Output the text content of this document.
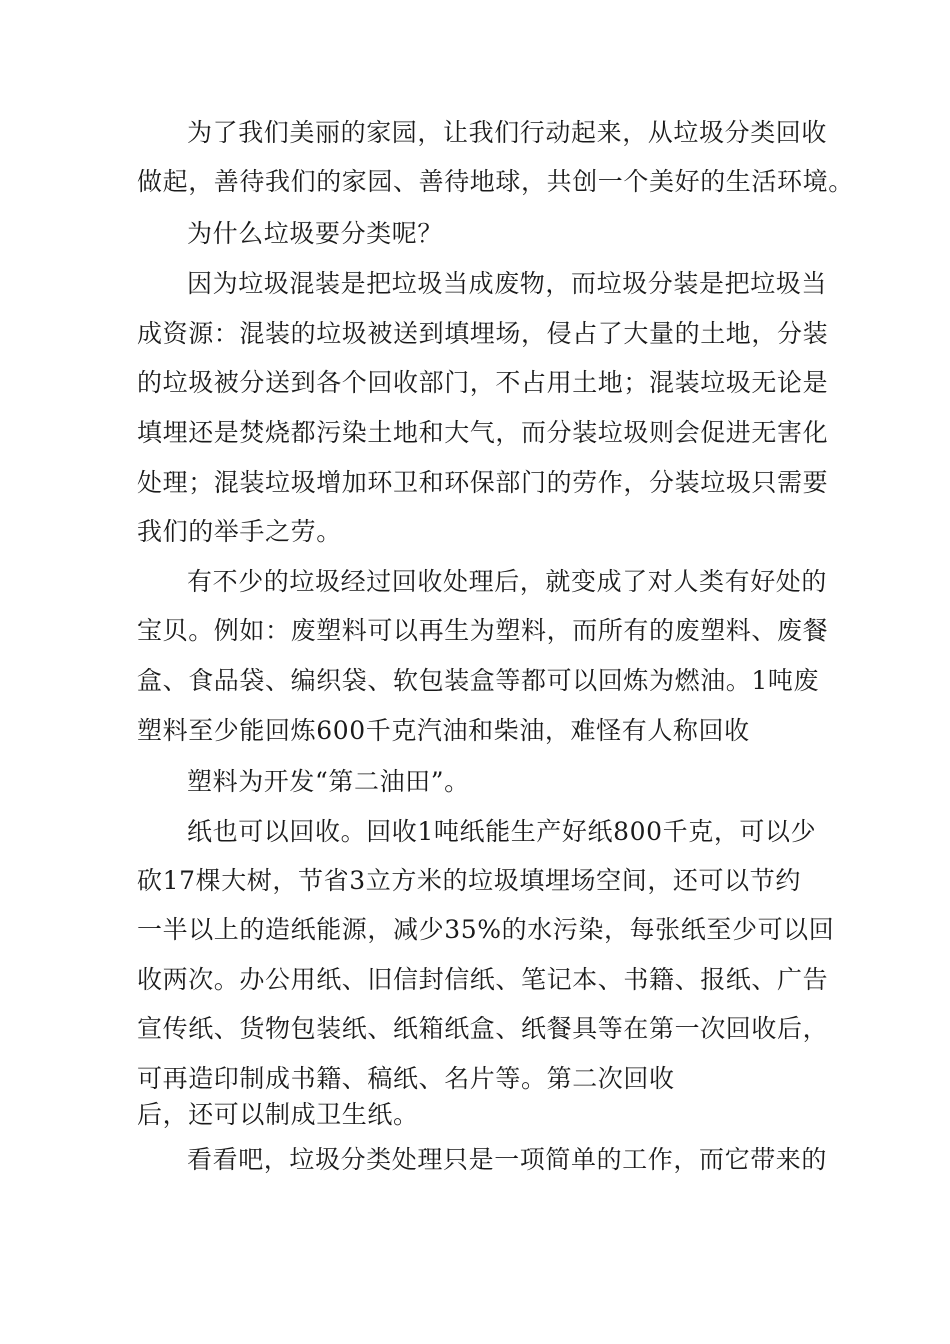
为了我们美丽的家园，让我们行动起来，从垃圾分类回收
做起，善待我们的家园、善待地球，共创一个美好的生活环境。
为什么垃圾要分类呢？
因为垃圾混装是把垃圾当成废物，而垃圾分装是把垃圾当
成资源：混装的垃圾被送到填埋场，侵占了大量的土地，分装
的垃圾被分送到各个回收部门，不占用土地；混装垃圾无论是
填埋还是焚烧都污染土地和大气，而分装垃圾则会促进无害化
处理；混装垃圾增加环卫和环保部门的劳作，分装垃圾只需要
我们的举手之劳。
有不少的垃圾经过回收处理后，就变成了对人类有好处的
宝贝。例如：废塑料可以再生为塑料，而所有的废塑料、废餐
盒、食品袋、编织袋、软包装盒等都可以回炼为燃油。1吨废
塑料至少能回炼600千克汽油和柴油，难怪有人称回收
塑料为开发“第二油田”。
纸也可以回收。回收1吨纸能生产好纸800千克，可以少
砍17棵大树，节省3立方米的垃圾填埋场空间，还可以节约
一半以上的造纸能源，减少35%的水污染，每张纸至少可以回
收两次。办公用纸、旧信封信纸、笔记本、书籍、报纸、广告
宣传纸、货物包装纸、纸箱纸盒、纸餐具等在第一次回收后，
可再造印制成书籍、稿纸、名片等。第二次回收
后，还可以制成卫生纸。
看看吧，垃圾分类处理只是一项简单的工作，而它带来的
